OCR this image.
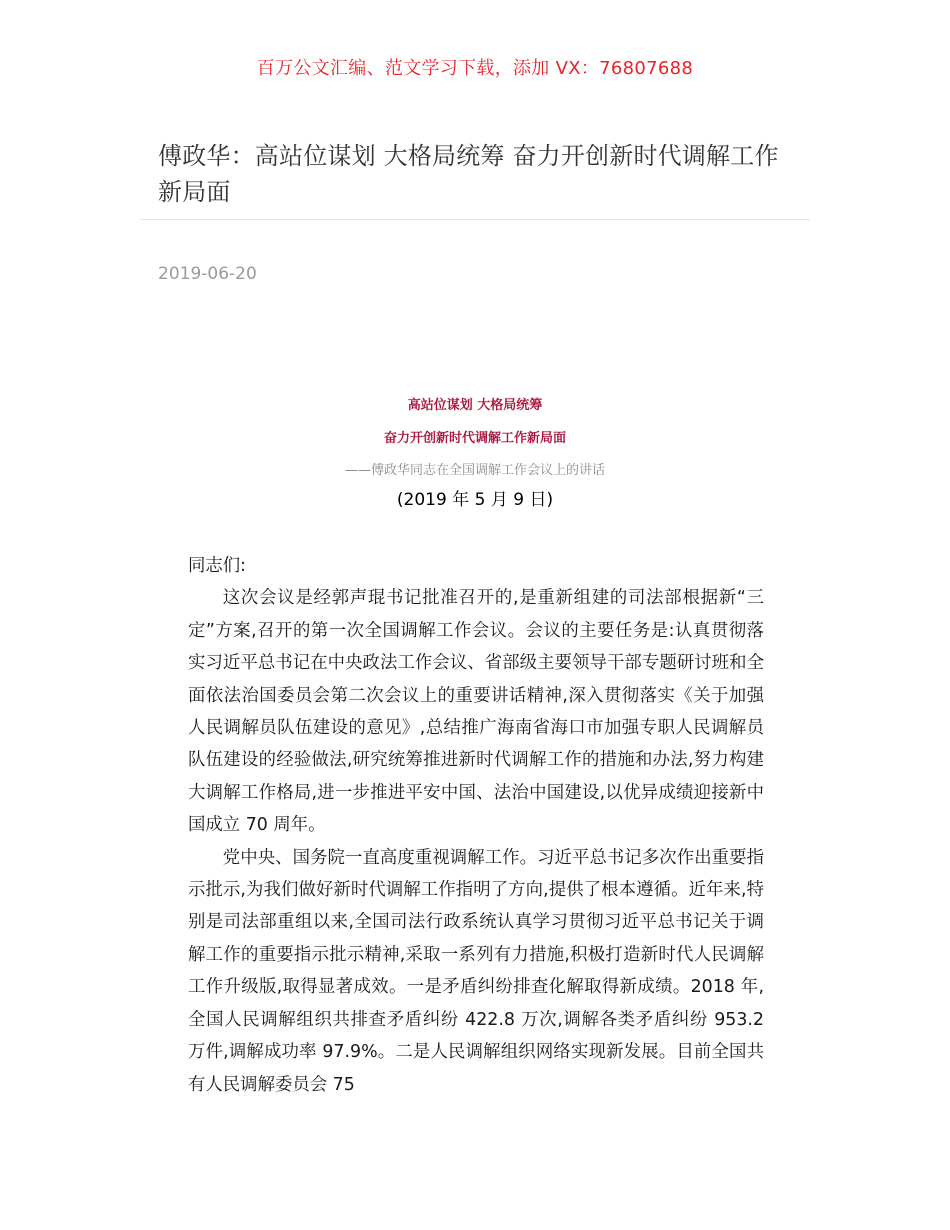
百万公文汇编、范文学习下载，添加 VX：76807688
傅政华：高站位谋划 大格局统筹 奋力开创新时代调解工作新局面
2019-06-20
高站位谋划 大格局统筹
奋力开创新时代调解工作新局面
——傅政华同志在全国调解工作会议上的讲话
(2019 年 5 月 9 日)

同志们:

这次会议是经郭声琨书记批准召开的,是重新组建的司法部根据新“三定”方案,召开的第一次全国调解工作会议。会议的主要任务是:认真贯彻落实习近平总书记在中央政法工作会议、省部级主要领导干部专题研讨班和全面依法治国委员会第二次会议上的重要讲话精神,深入贯彻落实《关于加强人民调解员队伍建设的意见》,总结推广海南省海口市加强专职人民调解员队伍建设的经验做法,研究统筹推进新时代调解工作的措施和办法,努力构建大调解工作格局,进一步推进平安中国、法治中国建设,以优异成绩迎接新中国成立 70 周年。

党中央、国务院一直高度重视调解工作。习近平总书记多次作出重要指示批示,为我们做好新时代调解工作指明了方向,提供了根本遵循。近年来,特别是司法部重组以来,全国司法行政系统认真学习贯彻习近平总书记关于调解工作的重要指示批示精神,采取一系列有力措施,积极打造新时代人民调解工作升级版,取得显著成效。一是矛盾纠纷排查化解取得新成绩。2018 年,全国人民调解组织共排查矛盾纠纷 422.8 万次,调解各类矛盾纠纷 953.2 万件,调解成功率 97.9%。二是人民调解组织网络实现新发展。目前全国共有人民调解委员会 75
